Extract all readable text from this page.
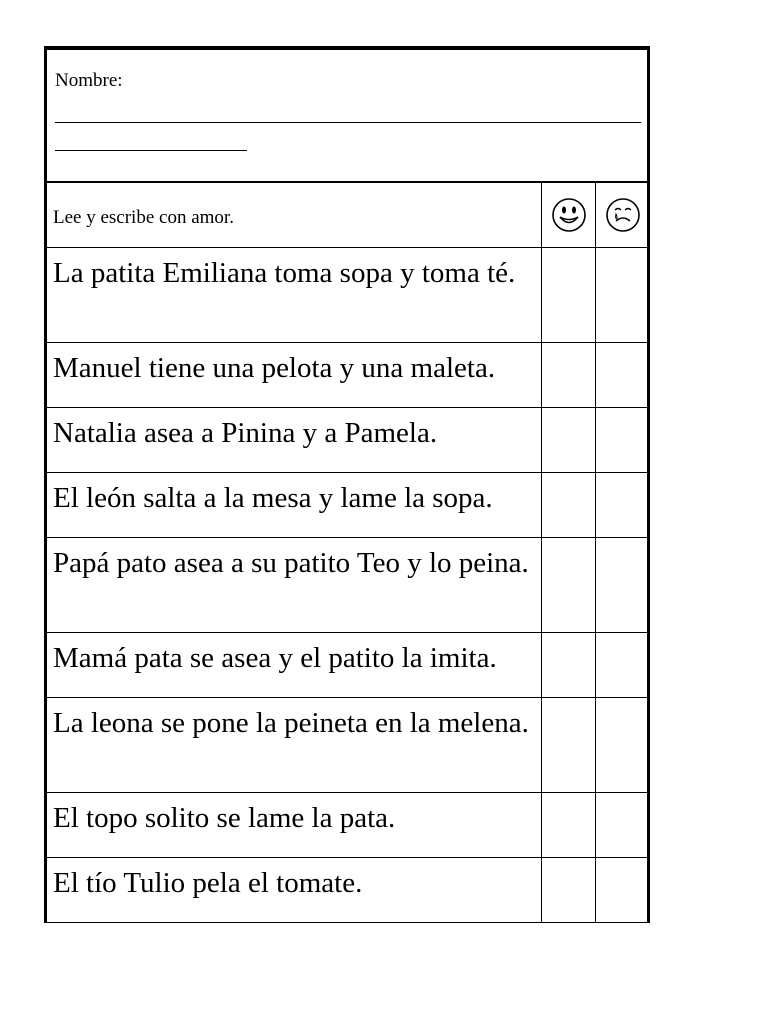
Nombre:
Lee y escribe con amor.

La patita Emiliana toma sopa y toma té.		

Manuel tiene una pelota y una maleta.		

Natalia asea a Pinina y a Pamela.		

El león salta a la mesa y lame la sopa.		

Papá pato asea a su patito Teo y lo peina.		

Mamá pata se asea y el patito la imita.		

La leona se pone la peineta en la melena.		

El topo solito se lame la pata.		

El tío Tulio pela el tomate.		
